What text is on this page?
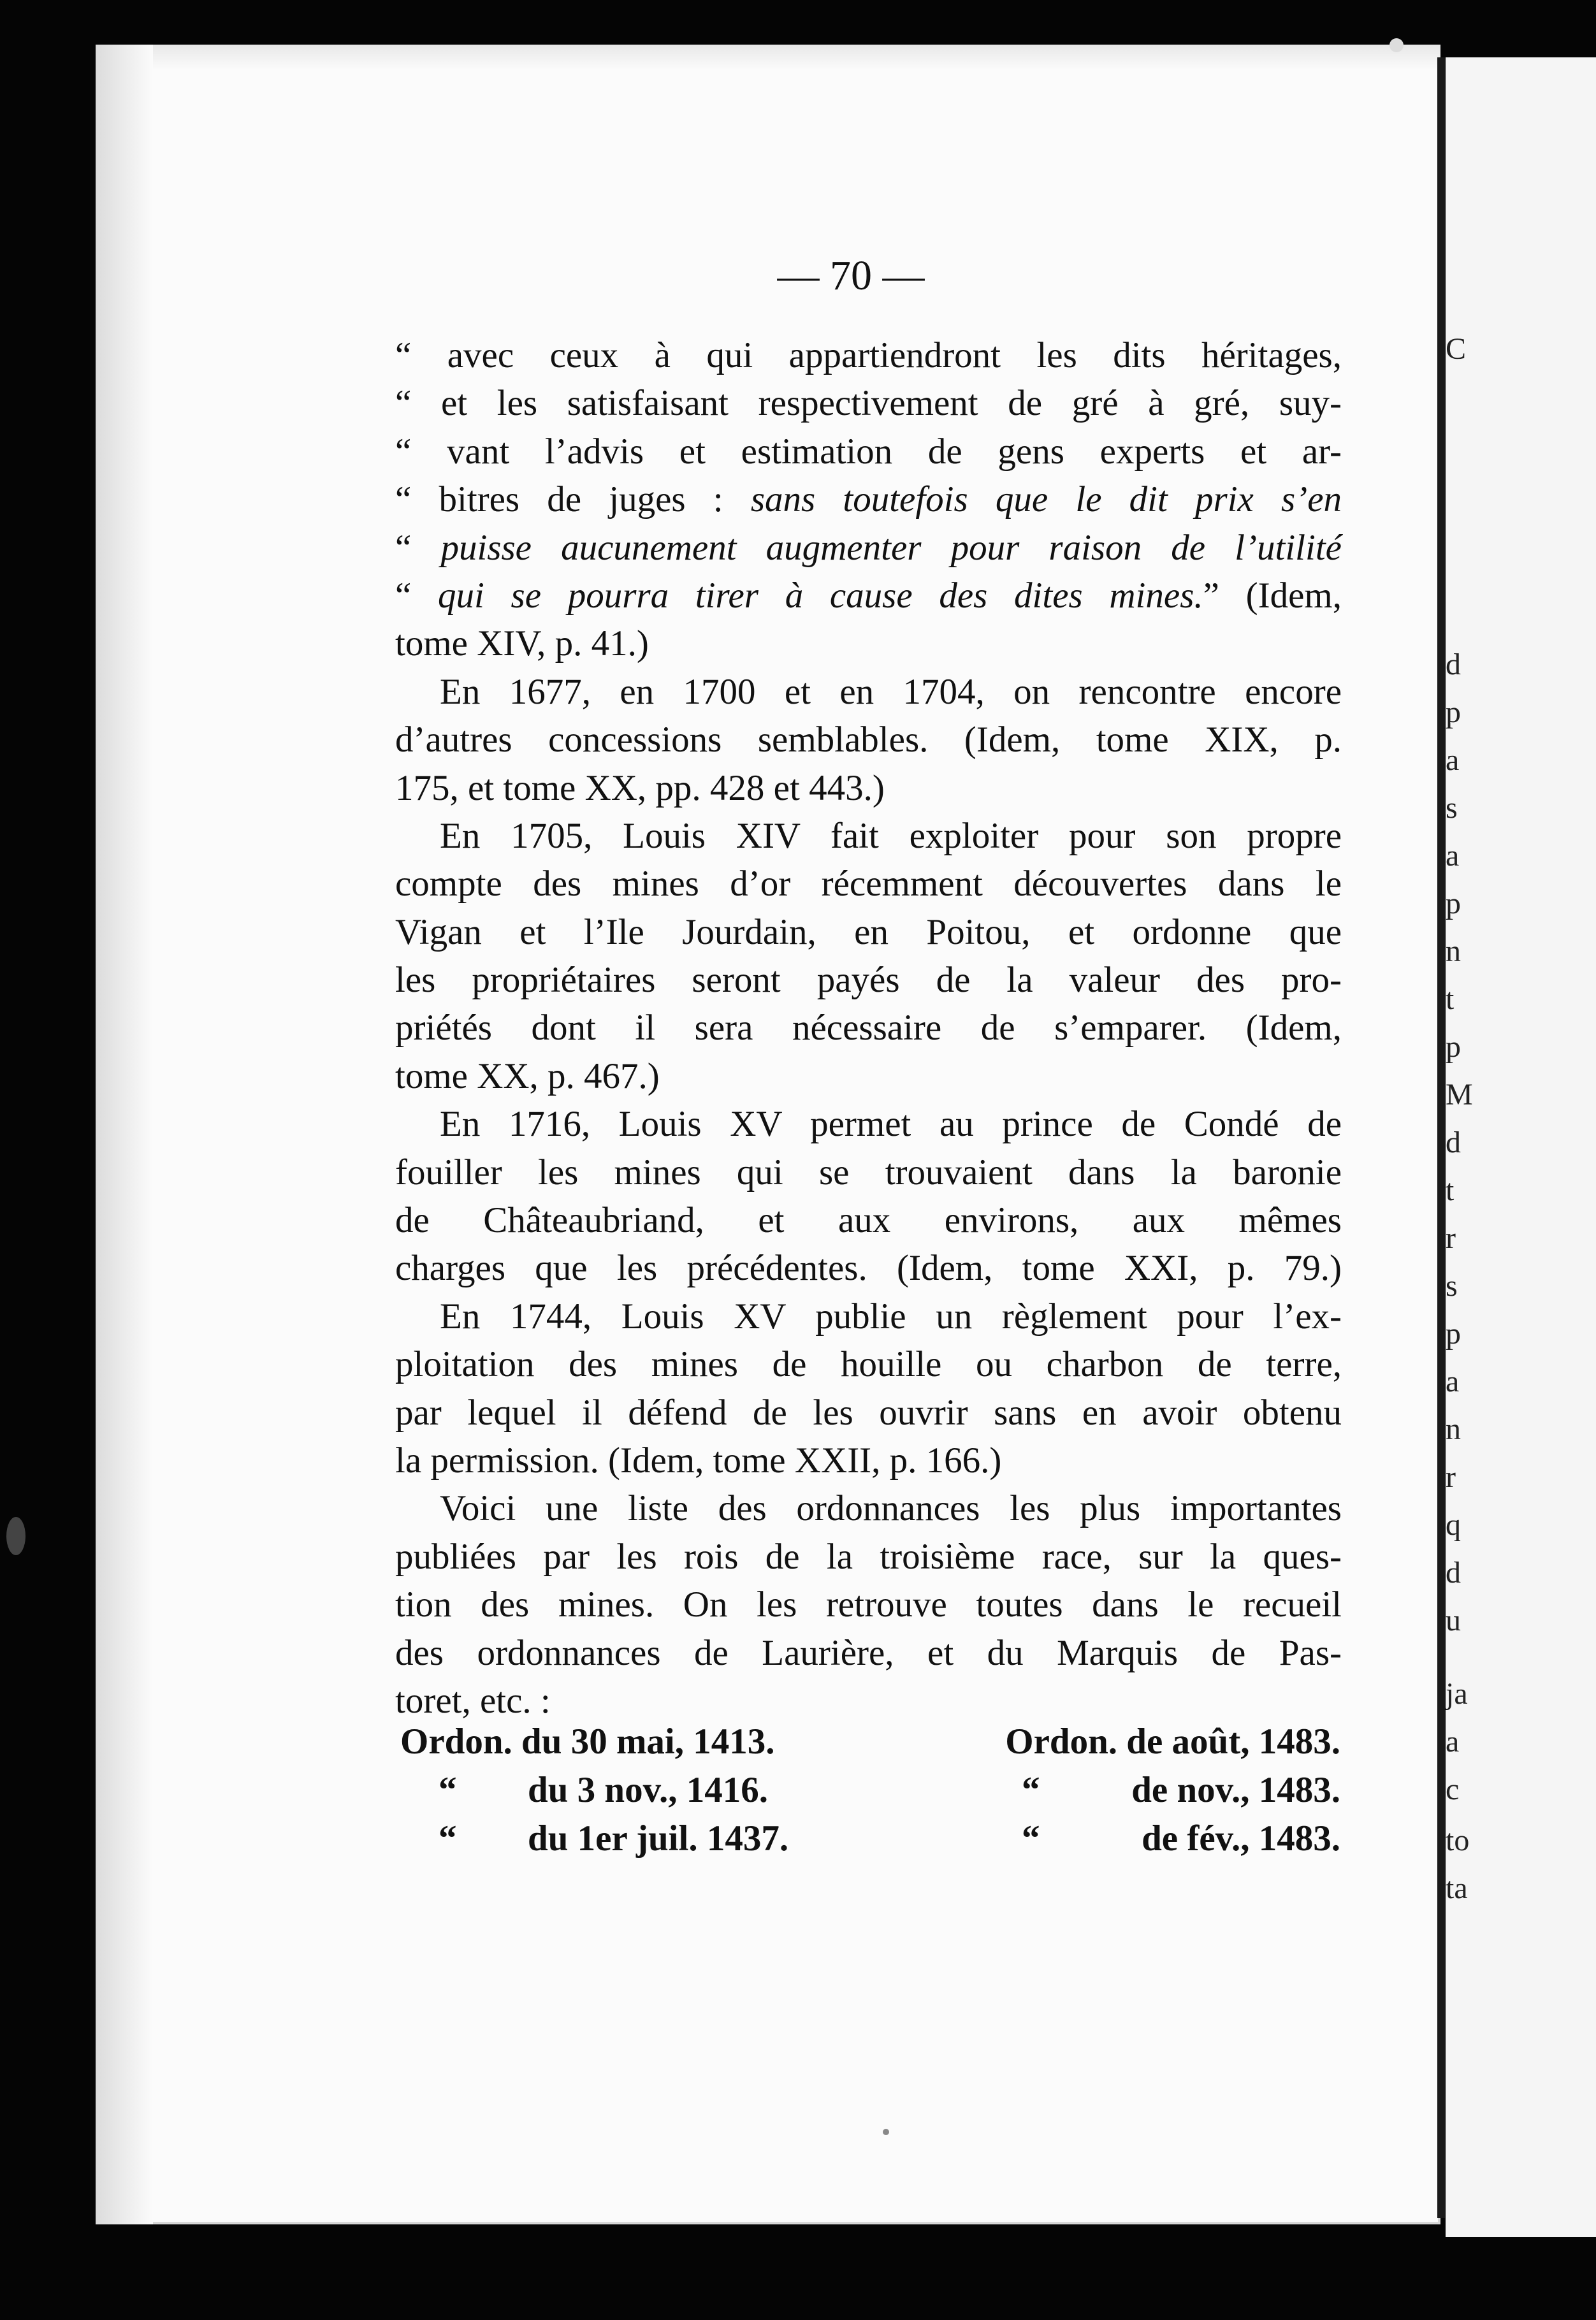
C

d

p

a

s

a

p

n

t

p

M

d

t

r

s

p

a

n

r

q

d

u

ja

a

c

to

ta

— 70 —

“ avec ceux à qui appartiendront les dits héritages,
“ et les satisfaisant respectivement de gré à gré, suy-
“ vant l’advis et estimation de gens experts et ar-
“ bitres de juges : sans toutefois que le dit prix s’en
“ puisse aucunement augmenter pour raison de l’utilité
“ qui se pourra tirer à cause des dites mines.” (Idem,
tome XIV, p. 41.)
En 1677, en 1700 et en 1704, on rencontre encore
d’autres concessions semblables. (Idem, tome XIX, p.
175, et tome XX, pp. 428 et 443.)
En 1705, Louis XIV fait exploiter pour son propre
compte des mines d’or récemment découvertes dans le
Vigan et l’Ile Jourdain, en Poitou, et ordonne que
les propriétaires seront payés de la valeur des pro-
priétés dont il sera nécessaire de s’emparer. (Idem,
tome XX, p. 467.)
En 1716, Louis XV permet au prince de Condé de
fouiller les mines qui se trouvaient dans la baronie
de Châteaubriand, et aux environs, aux mêmes
charges que les précédentes. (Idem, tome XXI, p. 79.)
En 1744, Louis XV publie un règlement pour l’ex-
ploitation des mines de houille ou charbon de terre,
par lequel il défend de les ouvrir sans en avoir obtenu
la permission. (Idem, tome XXII, p. 166.)
Voici une liste des ordonnances les plus importantes
publiées par les rois de la troisième race, sur la ques-
tion des mines. On les retrouve toutes dans le recueil
des ordonnances de Laurière, et du Marquis de Pas-
toret, etc. :
Ordon. du 30 mai, 1413.	Ordon. de août, 1483.
“ du 3 nov., 1416.	“	de nov., 1483.
“ du 1er juil. 1437.	“	de fév., 1483.
